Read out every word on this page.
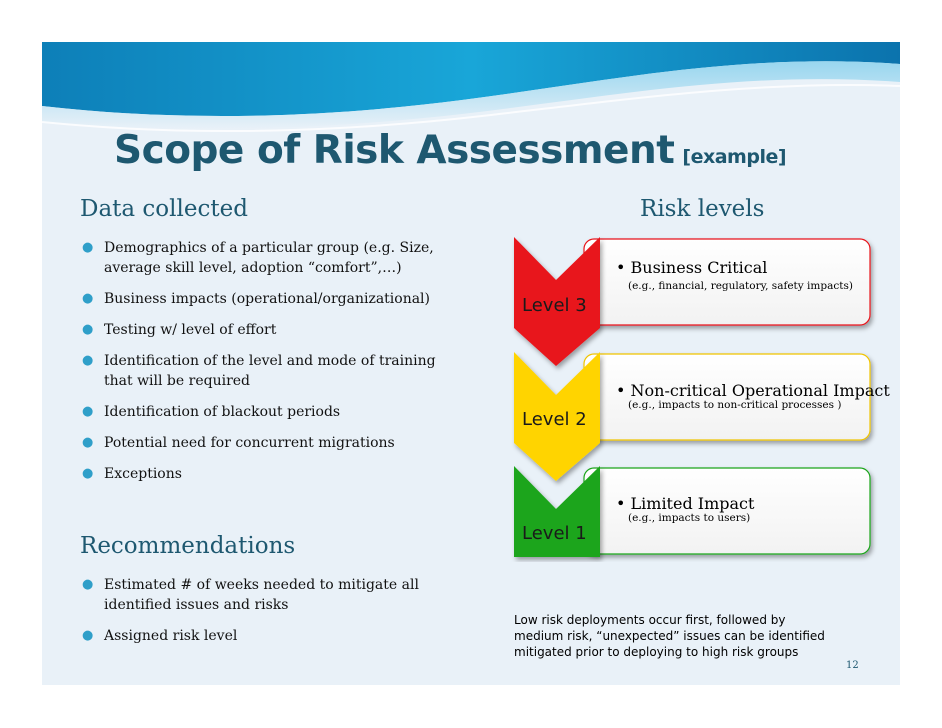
Scope of Risk Assessment [example]
Data collected
● Demographics of a particular group (e.g. Size, average skill level, adoption “comfort”,…)
● Business impacts (operational/organizational)
● Testing w/ level of effort
● Identification of the level and mode of training that will be required
● Identification of blackout periods
● Potential need for concurrent migrations
● Exceptions
Recommendations
● Estimated # of weeks needed to mitigate all identified issues and risks
● Assigned risk level
Risk levels
Level 3
Level 2
Level 1
• Business Critical
(e.g., financial, regulatory, safety impacts)
• Non-critical Operational Impact
(e.g., impacts to non-critical processes )
• Limited Impact
(e.g., impacts to users)
Low risk deployments occur first, followed by
medium risk, “unexpected” issues can be identified
mitigated prior to deploying to high risk groups
12
